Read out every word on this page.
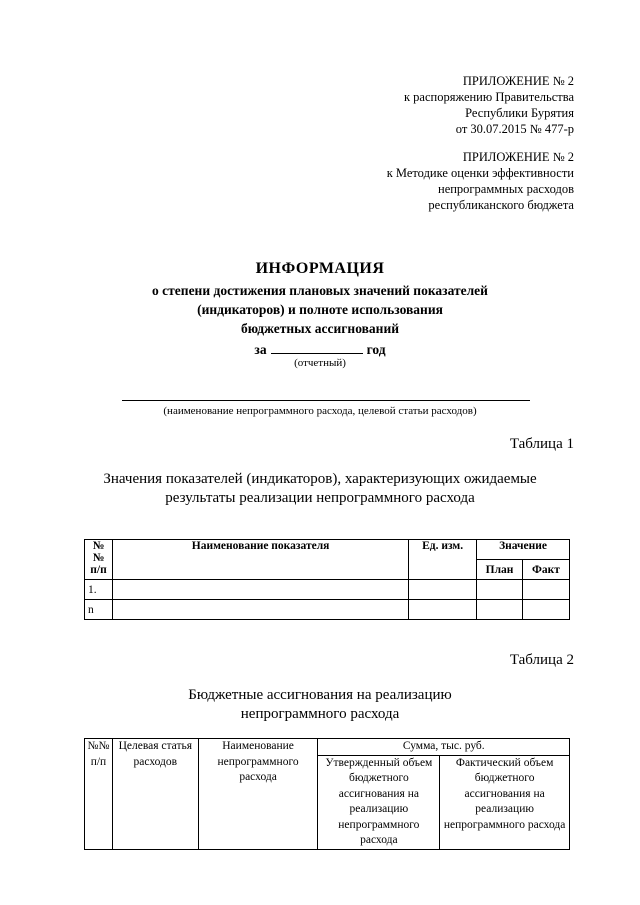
ПРИЛОЖЕНИЕ № 2
к распоряжению Правительства
Республики Бурятия
от 30.07.2015 № 477-р
ПРИЛОЖЕНИЕ № 2
к Методике оценки эффективности
непрограммных расходов
республиканского бюджета
ИНФОРМАЦИЯ
о степени достижения плановых значений показателей
(индикаторов) и полноте использования
бюджетных ассигнований
за	год
(отчетный)
(наименование непрограммного расхода, целевой статьи расходов)
Таблица 1
Значения показателей (индикаторов), характеризующих ожидаемые
результаты реализации непрограммного расхода
№№ п/п	Наименование показателя	Ед. изм.	Значение	
			План	Факт
1.				
n				
Таблица 2
Бюджетные ассигнования на реализацию
непрограммного расхода
№№ п/п	Целевая статья расходов	Наименование непрограммного расхода	Сумма, тыс. руб.	
			Утвержденный объем бюджетного ассигнования на реализацию непрограммного расхода	Фактический объем бюджетного ассигнования на реализацию непрограммного расхода
